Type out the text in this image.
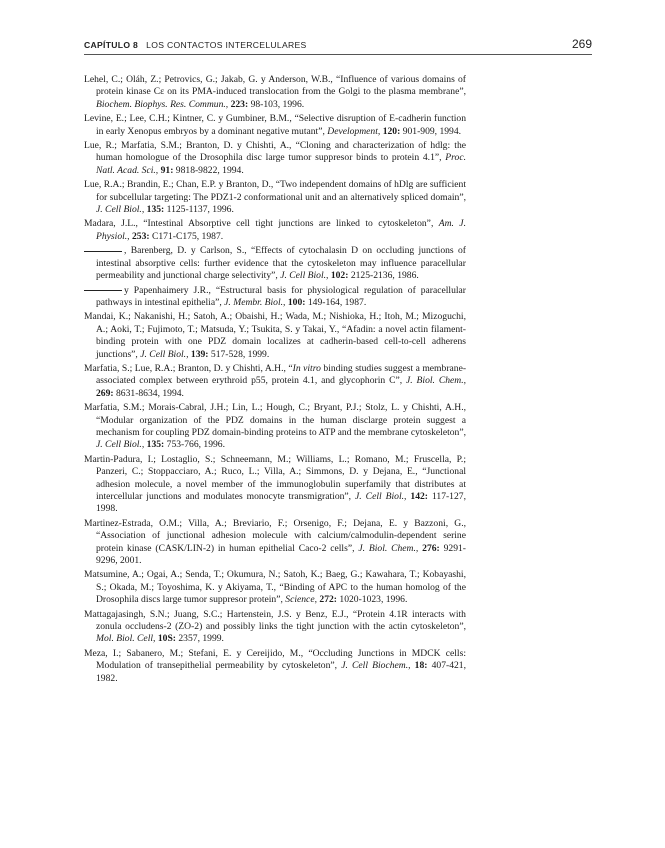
CAPÍTULO 8 LOS CONTACTOS INTERCELULARES	269

Lehel, C.; Oláh, Z.; Petrovics, G.; Jakab, G. y Anderson, W.B., “Influence of various domains of protein kinase Cε on its PMA-induced translocation from the Golgi to the plasma membrane”, Biochem. Biophys. Res. Commun., 223: 98-103, 1996.

Levine, E.; Lee, C.H.; Kintner, C. y Gumbiner, B.M., “Selective disruption of E-cadherin function in early Xenopus embryos by a dominant negative mutant”, Development, 120: 901-909, 1994.

Lue, R.; Marfatia, S.M.; Branton, D. y Chishti, A., “Cloning and characterization of hdlg: the human homologue of the Drosophila disc large tumor suppresor binds to protein 4.1”, Proc. Natl. Acad. Sci., 91: 9818-9822, 1994.

Lue, R.A.; Brandin, E.; Chan, E.P. y Branton, D., “Two independent domains of hDlg are sufficient for subcellular targeting: The PDZ1-2 conformational unit and an alternatively spliced domain”, J. Cell Biol., 135: 1125-1137, 1996.

Madara, J.L., “Intestinal Absorptive cell tight junctions are linked to cytoskeleton”, Am. J. Physiol., 253: C171-C175, 1987.

, Barenberg, D. y Carlson, S., “Effects of cytochalasin D on occluding junctions of intestinal absorptive cells: further evidence that the cytoskeleton may influence paracellular permeability and junctional charge selectivity”, J. Cell Biol., 102: 2125-2136, 1986.

y Papenhaimery J.R., “Estructural basis for physiological regulation of paracellular pathways in intestinal epithelia”, J. Membr. Biol., 100: 149-164, 1987.

Mandai, K.; Nakanishi, H.; Satoh, A.; Obaishi, H.; Wada, M.; Nishioka, H.; Itoh, M.; Mizoguchi, A.; Aoki, T.; Fujimoto, T.; Matsuda, Y.; Tsukita, S. y Takai, Y., “Afadin: a novel actin filament-binding protein with one PDZ domain localizes at cadherin-based cell-to-cell adherens junctions”, J. Cell Biol., 139: 517-528, 1999.

Marfatia, S.; Lue, R.A.; Branton, D. y Chishti, A.H., “In vitro binding studies suggest a membrane-associated complex between erythroid p55, protein 4.1, and glycophorin C”, J. Biol. Chem., 269: 8631-8634, 1994.

Marfatia, S.M.; Morais-Cabral, J.H.; Lin, L.; Hough, C.; Bryant, P.J.; Stolz, L. y Chishti, A.H., “Modular organization of the PDZ domains in the human disclarge protein suggest a mechanism for coupling PDZ domain-binding proteins to ATP and the membrane cytoskeleton”, J. Cell Biol., 135: 753-766, 1996.

Martin-Padura, I.; Lostaglio, S.; Schneemann, M.; Williams, L.; Romano, M.; Fruscella, P.; Panzeri, C.; Stoppacciaro, A.; Ruco, L.; Villa, A.; Simmons, D. y Dejana, E., “Junctional adhesion molecule, a novel member of the immunoglobulin superfamily that distributes at intercellular junctions and modulates monocyte transmigration”, J. Cell Biol., 142: 117-127, 1998.

Martinez-Estrada, O.M.; Villa, A.; Breviario, F.; Orsenigo, F.; Dejana, E. y Bazzoni, G., “Association of junctional adhesion molecule with calcium/calmodulin-dependent serine protein kinase (CASK/LIN-2) in human epithelial Caco-2 cells”, J. Biol. Chem., 276: 9291-9296, 2001.

Matsumine, A.; Ogai, A.; Senda, T.; Okumura, N.; Satoh, K.; Baeg, G.; Kawahara, T.; Kobayashi, S.; Okada, M.; Toyoshima, K. y Akiyama, T., “Binding of APC to the human homolog of the Drosophila discs large tumor suppresor protein”, Science, 272: 1020-1023, 1996.

Mattagajasingh, S.N.; Juang, S.C.; Hartenstein, J.S. y Benz, E.J., “Protein 4.1R interacts with zonula occludens-2 (ZO-2) and possibly links the tight junction with the actin cytoskeleton”, Mol. Biol. Cell, 10S: 2357, 1999.

Meza, I.; Sabanero, M.; Stefani, E. y Cereijido, M., “Occluding Junctions in MDCK cells: Modulation of transepithelial permeability by cytoskeleton”, J. Cell Biochem., 18: 407-421, 1982.
